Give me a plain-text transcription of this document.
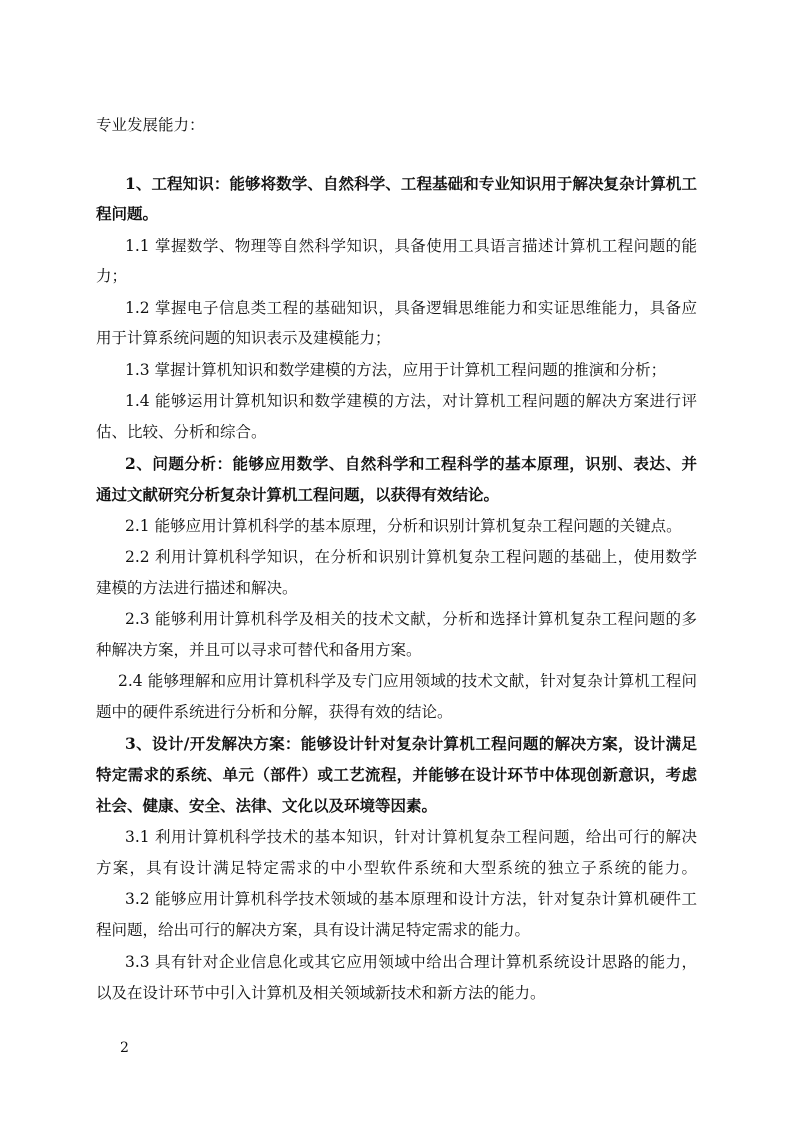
专业发展能力：
1、工程知识：能够将数学、自然科学、工程基础和专业知识用于解决复杂计算机工
程问题。
1.1 掌握数学、物理等自然科学知识，具备使用工具语言描述计算机工程问题的能
力；
1.2 掌握电子信息类工程的基础知识，具备逻辑思维能力和实证思维能力，具备应
用于计算系统问题的知识表示及建模能力；
1.3 掌握计算机知识和数学建模的方法，应用于计算机工程问题的推演和分析；
1.4 能够运用计算机知识和数学建模的方法，对计算机工程问题的解决方案进行评
估、比较、分析和综合。
2、问题分析：能够应用数学、自然科学和工程科学的基本原理，识别、表达、并
通过文献研究分析复杂计算机工程问题，以获得有效结论。
2.1 能够应用计算机科学的基本原理，分析和识别计算机复杂工程问题的关键点。
2.2 利用计算机科学知识，在分析和识别计算机复杂工程问题的基础上，使用数学
建模的方法进行描述和解决。
2.3 能够利用计算机科学及相关的技术文献，分析和选择计算机复杂工程问题的多
种解决方案，并且可以寻求可替代和备用方案。
2.4 能够理解和应用计算机科学及专门应用领域的技术文献，针对复杂计算机工程问
题中的硬件系统进行分析和分解，获得有效的结论。
3、设计/开发解决方案：能够设计针对复杂计算机工程问题的解决方案，设计满足
特定需求的系统、单元（部件）或工艺流程，并能够在设计环节中体现创新意识，考虑
社会、健康、安全、法律、文化以及环境等因素。
3.1 利用计算机科学技术的基本知识，针对计算机复杂工程问题，给出可行的解决
方案，具有设计满足特定需求的中小型软件系统和大型系统的独立子系统的能力。
3.2 能够应用计算机科学技术领域的基本原理和设计方法，针对复杂计算机硬件工
程问题，给出可行的解决方案，具有设计满足特定需求的能力。
3.3 具有针对企业信息化或其它应用领域中给出合理计算机系统设计思路的能力，
以及在设计环节中引入计算机及相关领域新技术和新方法的能力。
2
